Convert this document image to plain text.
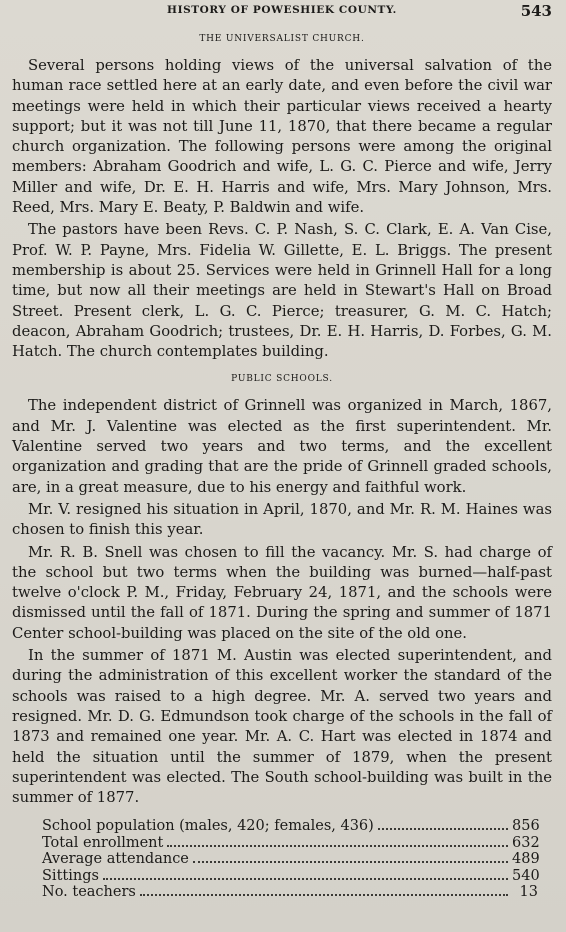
HISTORY OF POWESHIEK COUNTY.	543
THE UNIVERSALIST CHURCH.

Several persons holding views of the universal salvation of the human race settled here at an early date, and even before the civil war meetings were held in which their particular views received a hearty support; but it was not till June 11, 1870, that there became a regular church organization. The following persons were among the original members: Abraham Goodrich and wife, L. G. C. Pierce and wife, Jerry Miller and wife, Dr. E. H. Harris and wife, Mrs. Mary Johnson, Mrs. Reed, Mrs. Mary E. Beaty, P. Baldwin and wife.

The pastors have been Revs. C. P. Nash, S. C. Clark, E. A. Van Cise, Prof. W. P. Payne, Mrs. Fidelia W. Gillette, E. L. Briggs. The present membership is about 25. Services were held in Grinnell Hall for a long time, but now all their meetings are held in Stewart's Hall on Broad Street. Present clerk, L. G. C. Pierce; treasurer, G. M. C. Hatch; deacon, Abraham Goodrich; trustees, Dr. E. H. Harris, D. Forbes, G. M. Hatch. The church contemplates building.

PUBLIC SCHOOLS.

The independent district of Grinnell was organized in March, 1867, and Mr. J. Valentine was elected as the first superintendent. Mr. Valentine served two years and two terms, and the excellent organization and grading that are the pride of Grinnell graded schools, are, in a great measure, due to his energy and faithful work.

Mr. V. resigned his situation in April, 1870, and Mr. R. M. Haines was chosen to finish this year.

Mr. R. B. Snell was chosen to fill the vacancy. Mr. S. had charge of the school but two terms when the building was burned—half-past twelve o'clock P. M., Friday, February 24, 1871, and the schools were dismissed until the fall of 1871. During the spring and summer of 1871 Center school-building was placed on the site of the old one.

In the summer of 1871 M. Austin was elected superintendent, and during the administration of this excellent worker the standard of the schools was raised to a high degree. Mr. A. served two years and resigned. Mr. D. G. Edmundson took charge of the schools in the fall of 1873 and remained one year. Mr. A. C. Hart was elected in 1874 and held the situation until the summer of 1879, when the present superintendent was elected. The South school-building was built in the summer of 1877.

School population (males, 420; females, 436)	856
Total enrollment	632
Average attendance	489
Sittings	540
No. teachers	13
